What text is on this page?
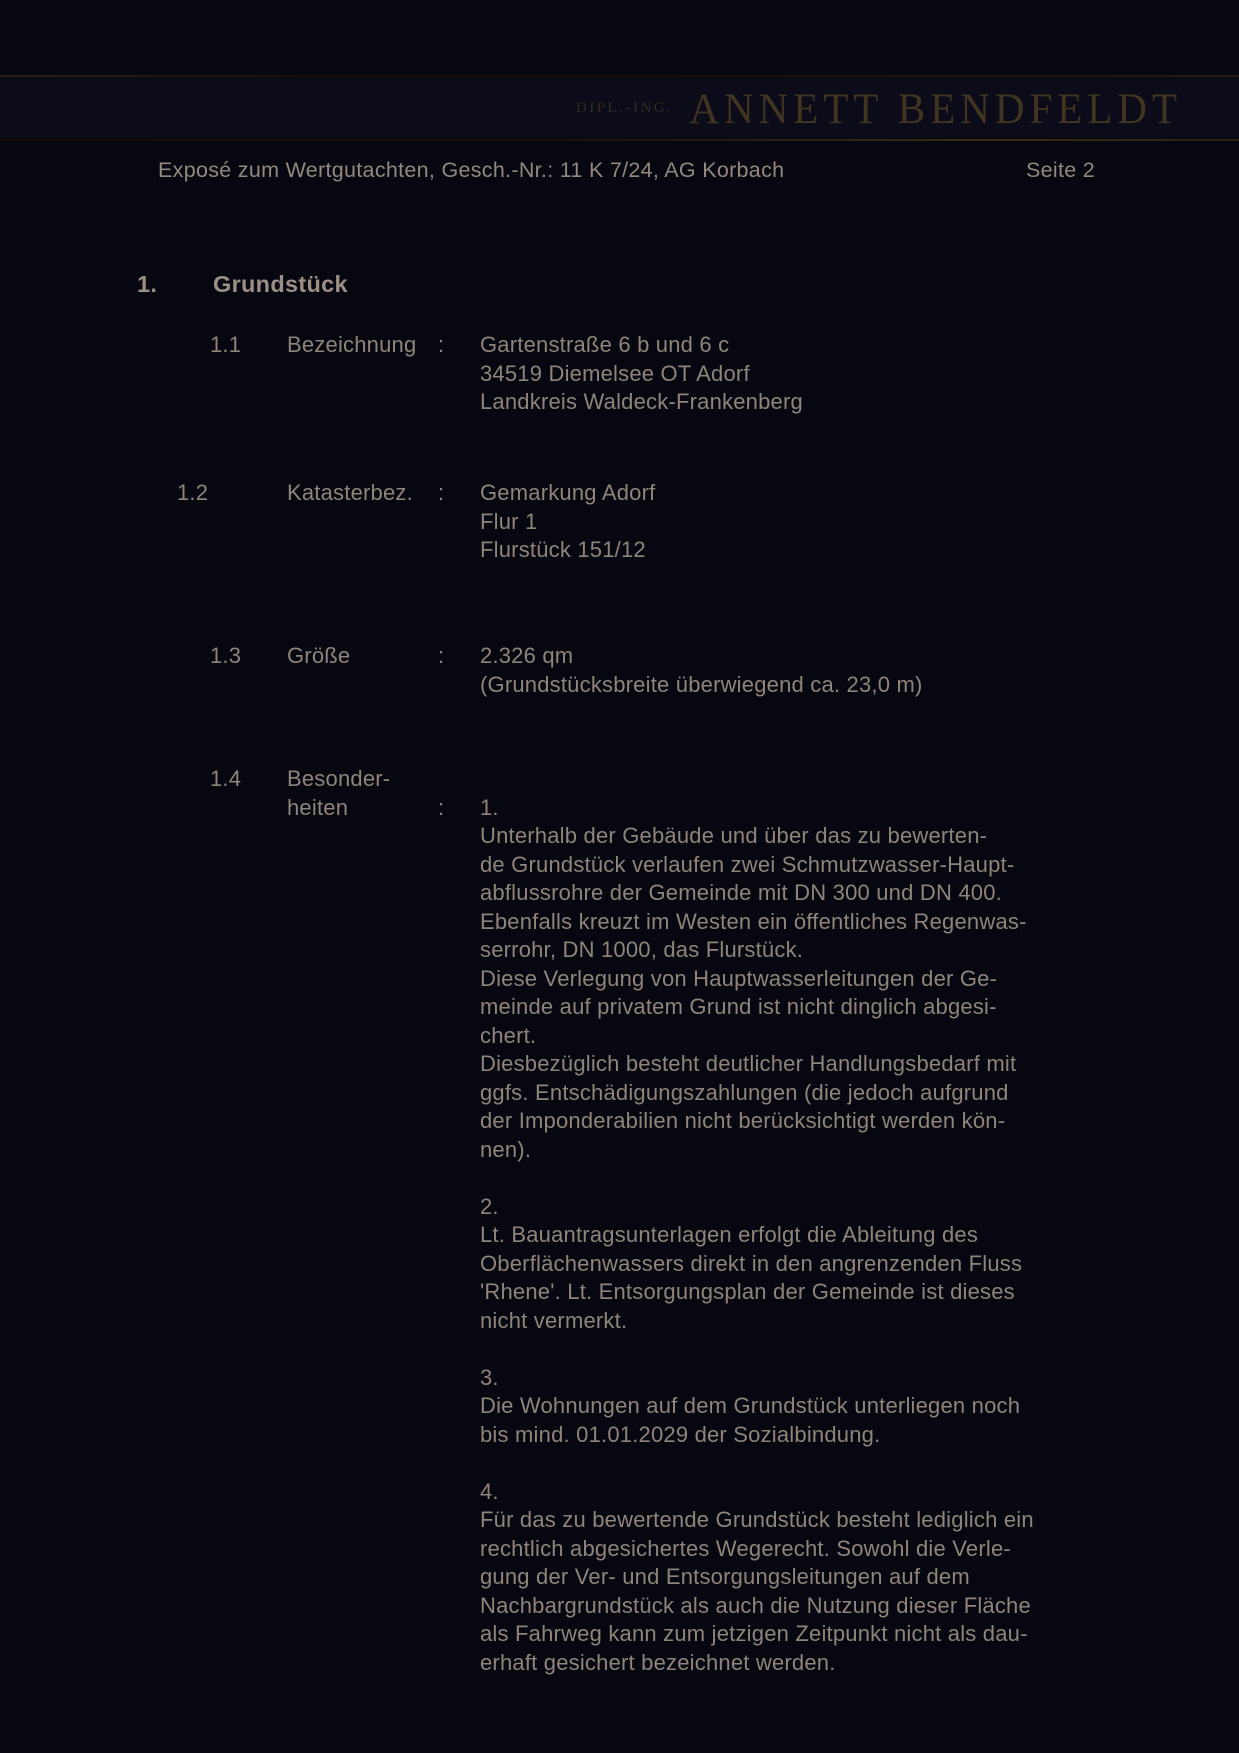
DIPL.-ING. ANNETT BENDFELDT
Exposé zum Wertgutachten, Gesch.-Nr.: 11 K 7/24, AG Korbach	Seite 2
1. Grundstück
1.1 Bezeichnung : Gartenstraße 6 b und 6 c
34519 Diemelsee OT Adorf
Landkreis Waldeck-Frankenberg
1.2	Katasterbez. : Gemarkung Adorf
Flur 1
Flurstück 151/12
1.3 Größe	: 2.326 qm
(Grundstücksbreite überwiegend ca. 23,0 m)
1.4 Besonder-
heiten	: 1.
Unterhalb der Gebäude und über das zu bewerten-
de Grundstück verlaufen zwei Schmutzwasser-Haupt-
abflussrohre der Gemeinde mit DN 300 und DN 400.
Ebenfalls kreuzt im Westen ein öffentliches Regenwas-
serrohr, DN 1000, das Flurstück.
Diese Verlegung von Hauptwasserleitungen der Ge-
meinde auf privatem Grund ist nicht dinglich abgesi-
chert.
Diesbezüglich besteht deutlicher Handlungsbedarf mit
ggfs. Entschädigungszahlungen (die jedoch aufgrund
der Imponderabilien nicht berücksichtigt werden kön-
nen).
2.
Lt. Bauantragsunterlagen erfolgt die Ableitung des
Oberflächenwassers direkt in den angrenzenden Fluss
'Rhene'. Lt. Entsorgungsplan der Gemeinde ist dieses
nicht vermerkt.
3.
Die Wohnungen auf dem Grundstück unterliegen noch
bis mind. 01.01.2029 der Sozialbindung.
4.
Für das zu bewertende Grundstück besteht lediglich ein
rechtlich abgesichertes Wegerecht. Sowohl die Verle-
gung der Ver- und Entsorgungsleitungen auf dem
Nachbargrundstück als auch die Nutzung dieser Fläche
als Fahrweg kann zum jetzigen Zeitpunkt nicht als dau-
erhaft gesichert bezeichnet werden.
